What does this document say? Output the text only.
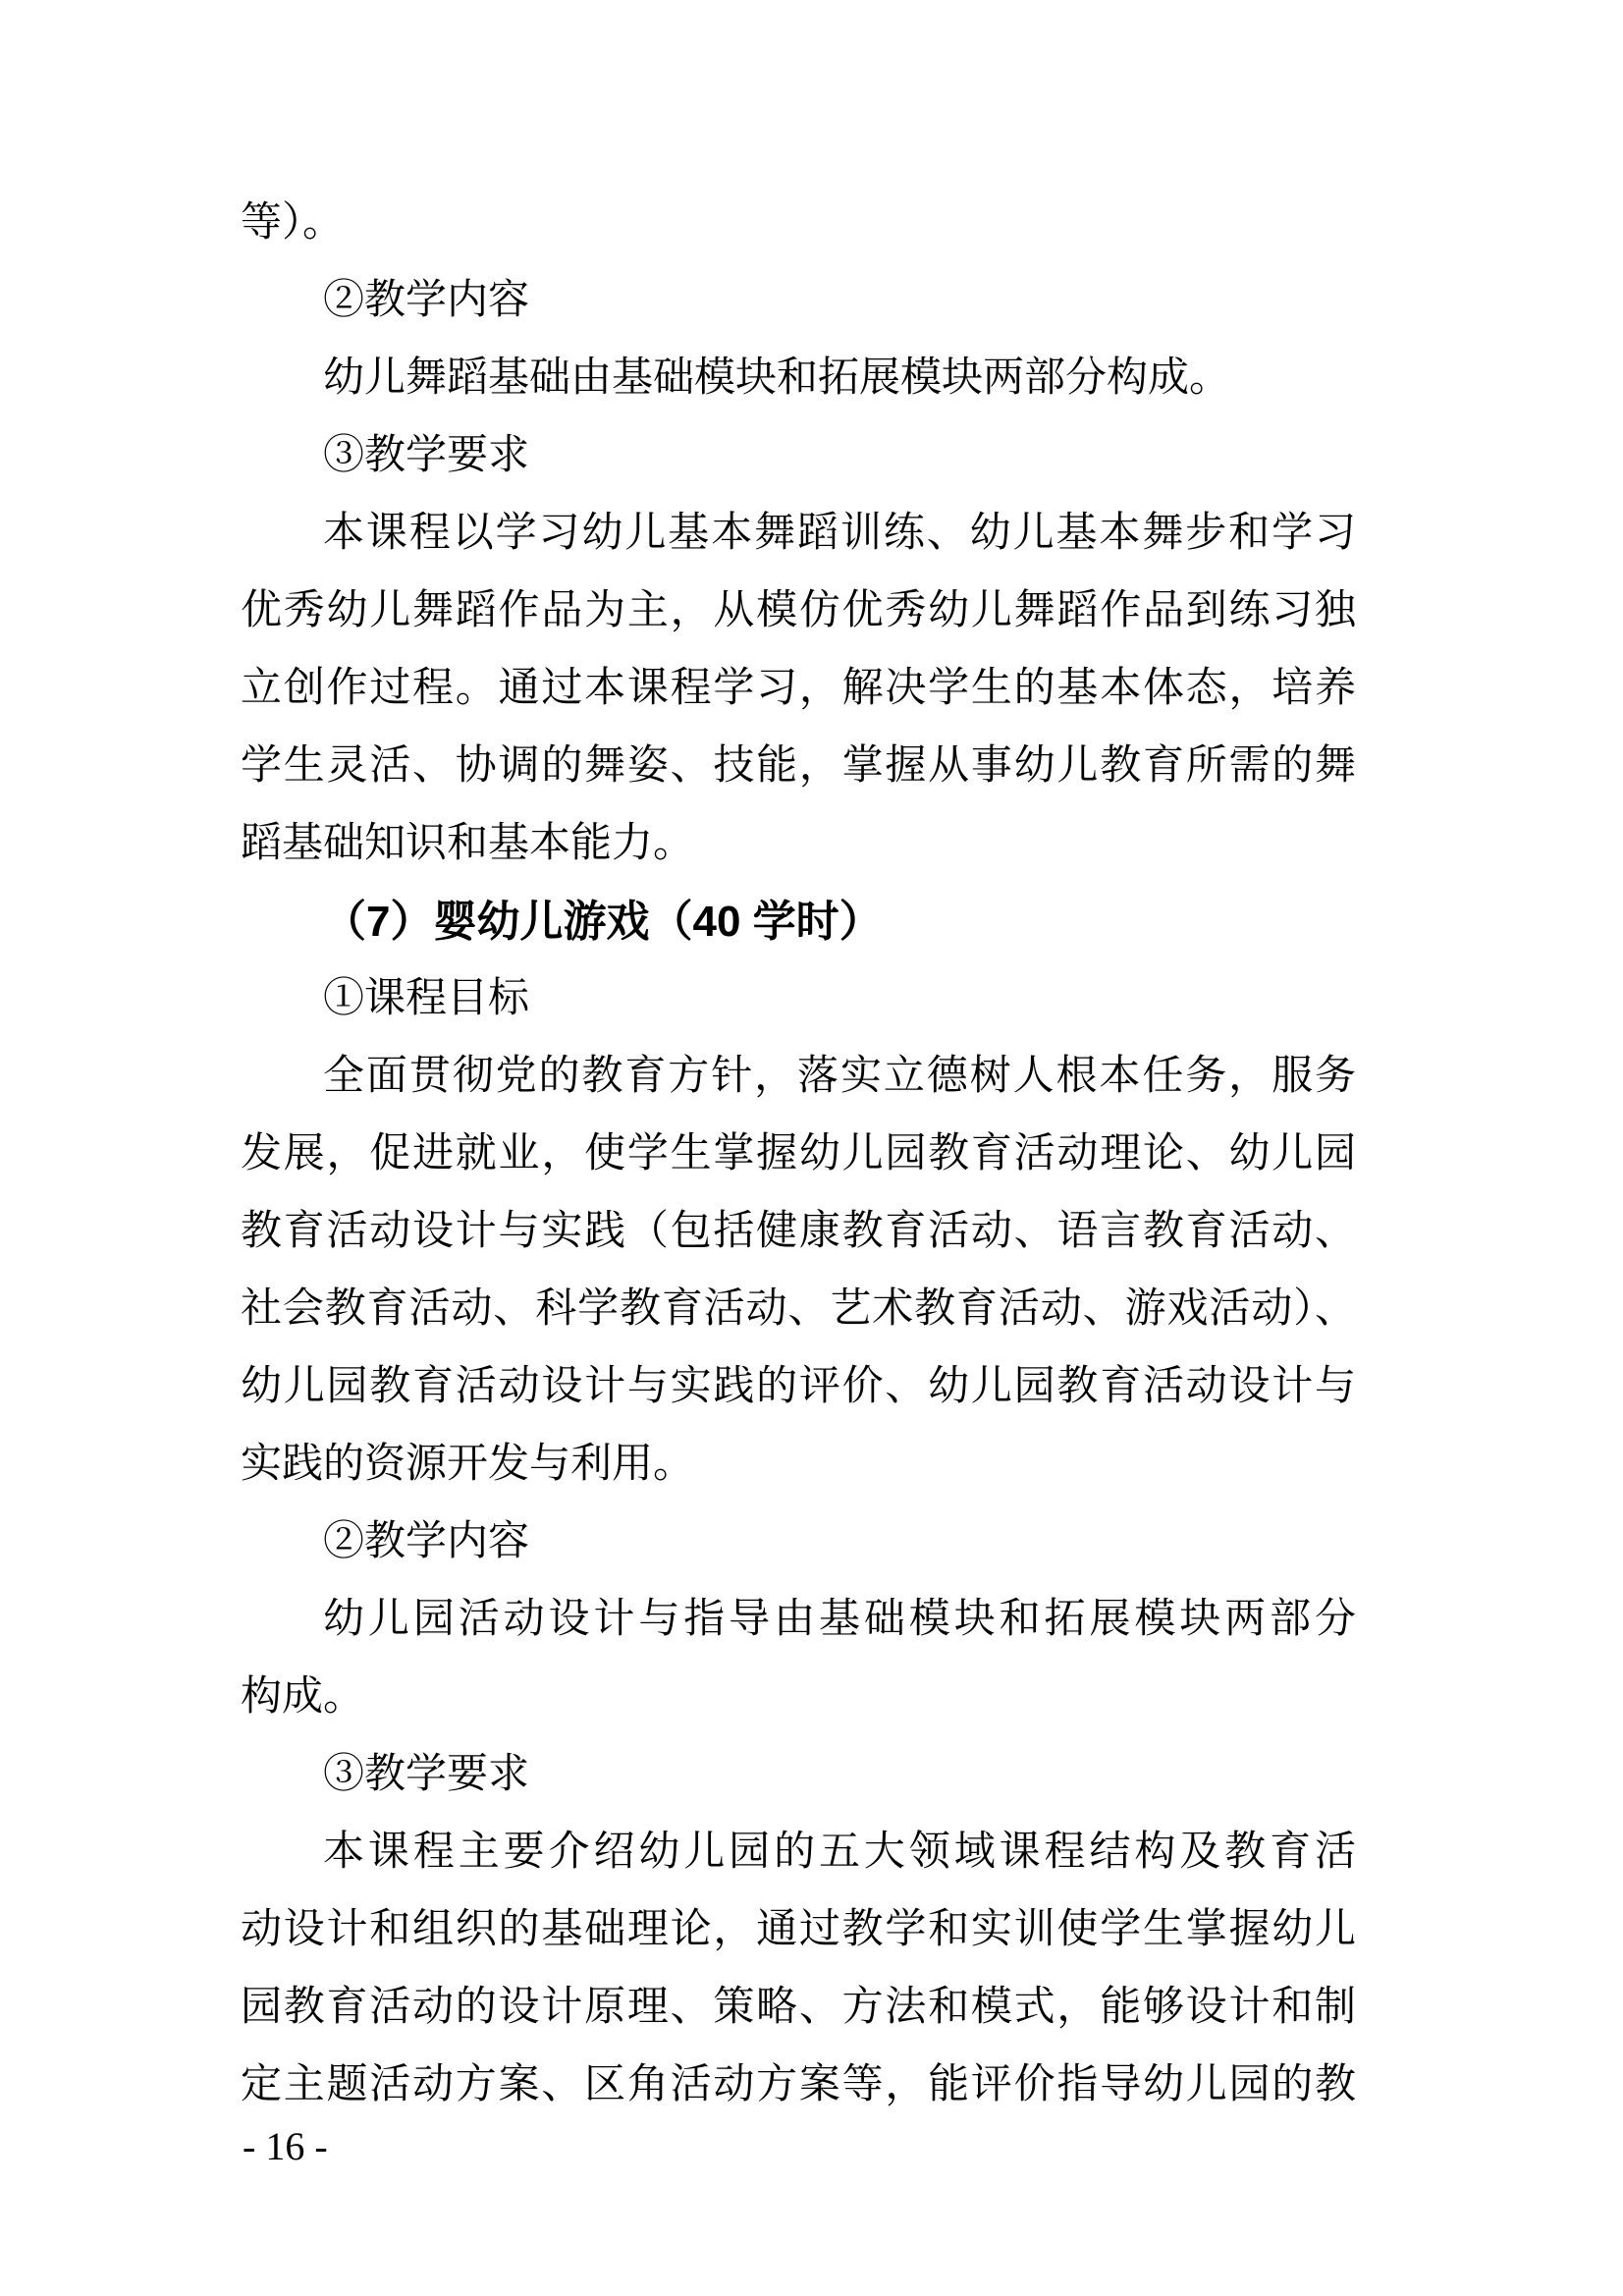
等）。
②教学内容
幼儿舞蹈基础由基础模块和拓展模块两部分构成。
③教学要求
本课程以学习幼儿基本舞蹈训练、幼儿基本舞步和学习
优秀幼儿舞蹈作品为主，从模仿优秀幼儿舞蹈作品到练习独
立创作过程。通过本课程学习，解决学生的基本体态，培养
学生灵活、协调的舞姿、技能，掌握从事幼儿教育所需的舞
蹈基础知识和基本能力。
（7）婴幼儿游戏（40 学时）
①课程目标
全面贯彻党的教育方针，落实立德树人根本任务，服务
发展，促进就业，使学生掌握幼儿园教育活动理论、幼儿园
教育活动设计与实践（包括健康教育活动、语言教育活动、
社会教育活动、科学教育活动、艺术教育活动、游戏活动）、
幼儿园教育活动设计与实践的评价、幼儿园教育活动设计与
实践的资源开发与利用。
②教学内容
幼儿园活动设计与指导由基础模块和拓展模块两部分
构成。
③教学要求
本课程主要介绍幼儿园的五大领域课程结构及教育活
动设计和组织的基础理论，通过教学和实训使学生掌握幼儿
园教育活动的设计原理、策略、方法和模式，能够设计和制
定主题活动方案、区角活动方案等，能评价指导幼儿园的教
- 16 -
